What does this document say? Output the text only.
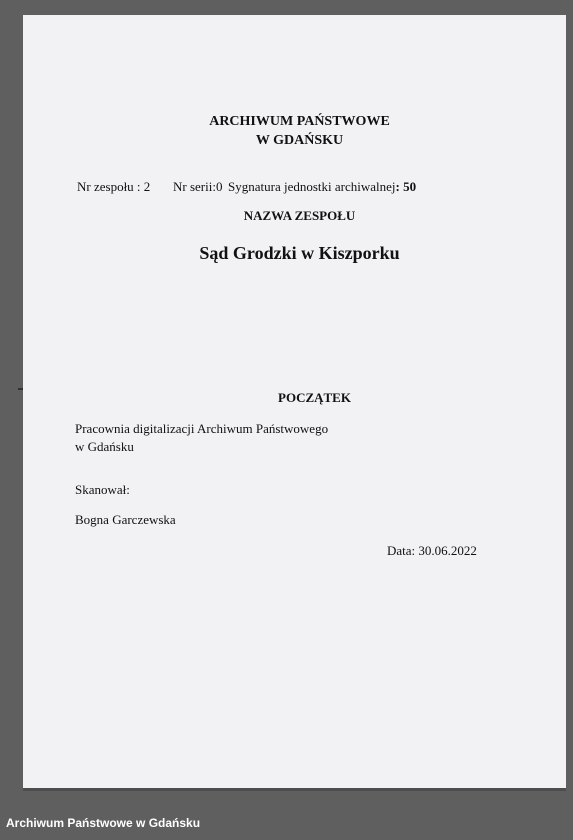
ARCHIWUM PAŃSTWOWE
W GDAŃSKU
Nr zespołu : 2 Nr serii:0 Sygnatura jednostki archiwalnej: 50
NAZWA ZESPOŁU
Sąd Grodzki w Kiszporku
POCZĄTEK
Pracownia digitalizacji Archiwum Państwowego
w Gdańsku
Skanował:
Bogna Garczewska
Data: 30.06.2022
Archiwum Państwowe w Gdańsku
